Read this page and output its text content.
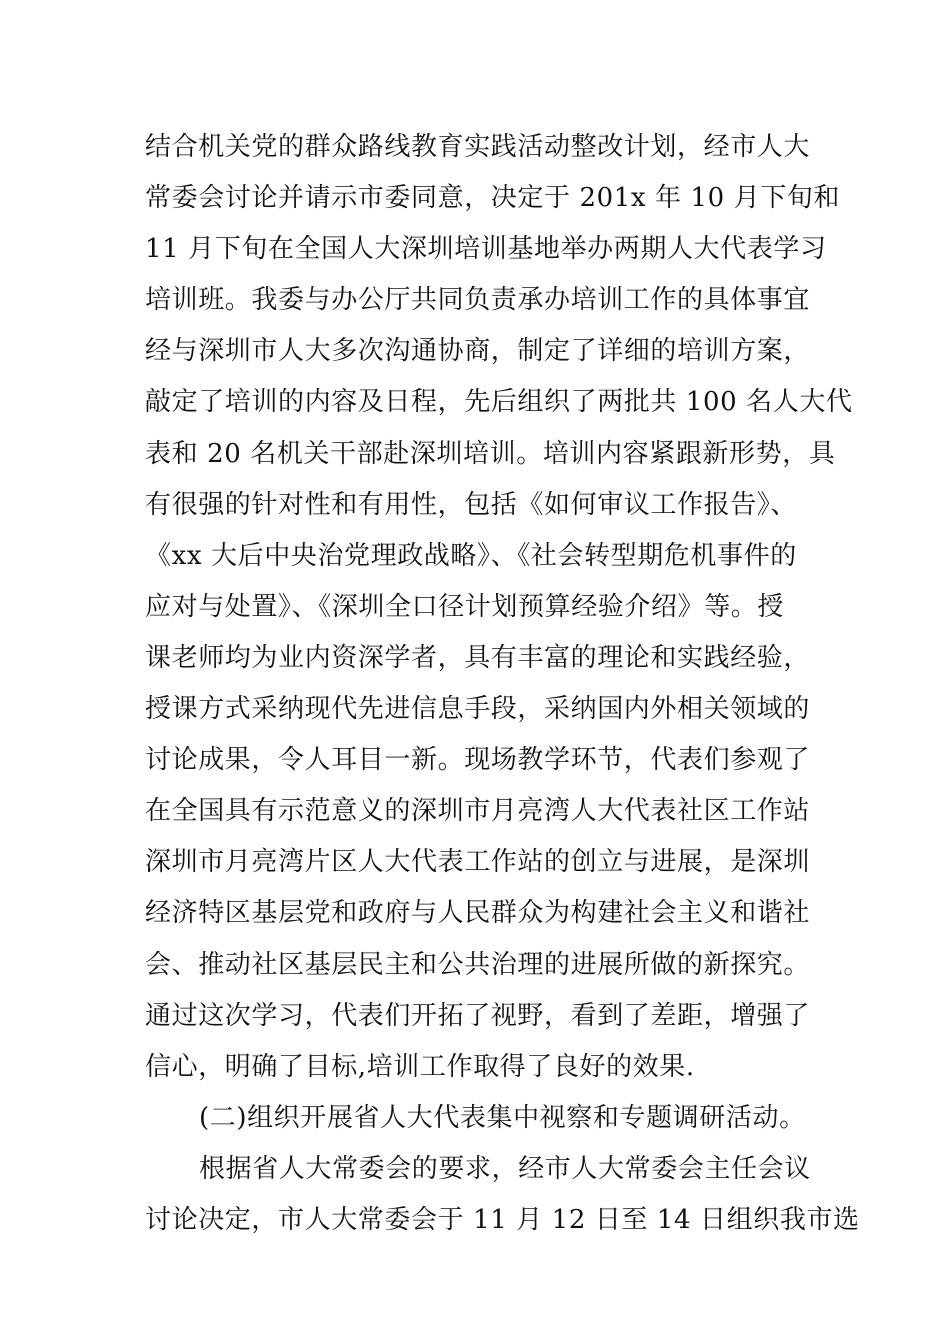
结合机关党的群众路线教育实践活动整改计划，经市人大
常委会讨论并请示市委同意，决定于 201x 年 10 月下旬和
11 月下旬在全国人大深圳培训基地举办两期人大代表学习
培训班。我委与办公厅共同负责承办培训工作的具体事宜
经与深圳市人大多次沟通协商，制定了详细的培训方案，
敲定了培训的内容及日程，先后组织了两批共 100 名人大代
表和 20 名机关干部赴深圳培训。培训内容紧跟新形势，具
有很强的针对性和有用性，包括《如何审议工作报告》、
《xx 大后中央治党理政战略》、《社会转型期危机事件的
应对与处置》、《深圳全口径计划预算经验介绍》等。授
课老师均为业内资深学者，具有丰富的理论和实践经验，
授课方式采纳现代先进信息手段，采纳国内外相关领域的
讨论成果，令人耳目一新。现场教学环节，代表们参观了
在全国具有示范意义的深圳市月亮湾人大代表社区工作站
深圳市月亮湾片区人大代表工作站的创立与进展，是深圳
经济特区基层党和政府与人民群众为构建社会主义和谐社
会、推动社区基层民主和公共治理的进展所做的新探究。
通过这次学习，代表们开拓了视野，看到了差距，增强了
信心，明确了目标,培训工作取得了良好的效果.
(二)组织开展省人大代表集中视察和专题调研活动。
根据省人大常委会的要求，经市人大常委会主任会议
讨论决定，市人大常委会于 11 月 12 日至 14 日组织我市选
